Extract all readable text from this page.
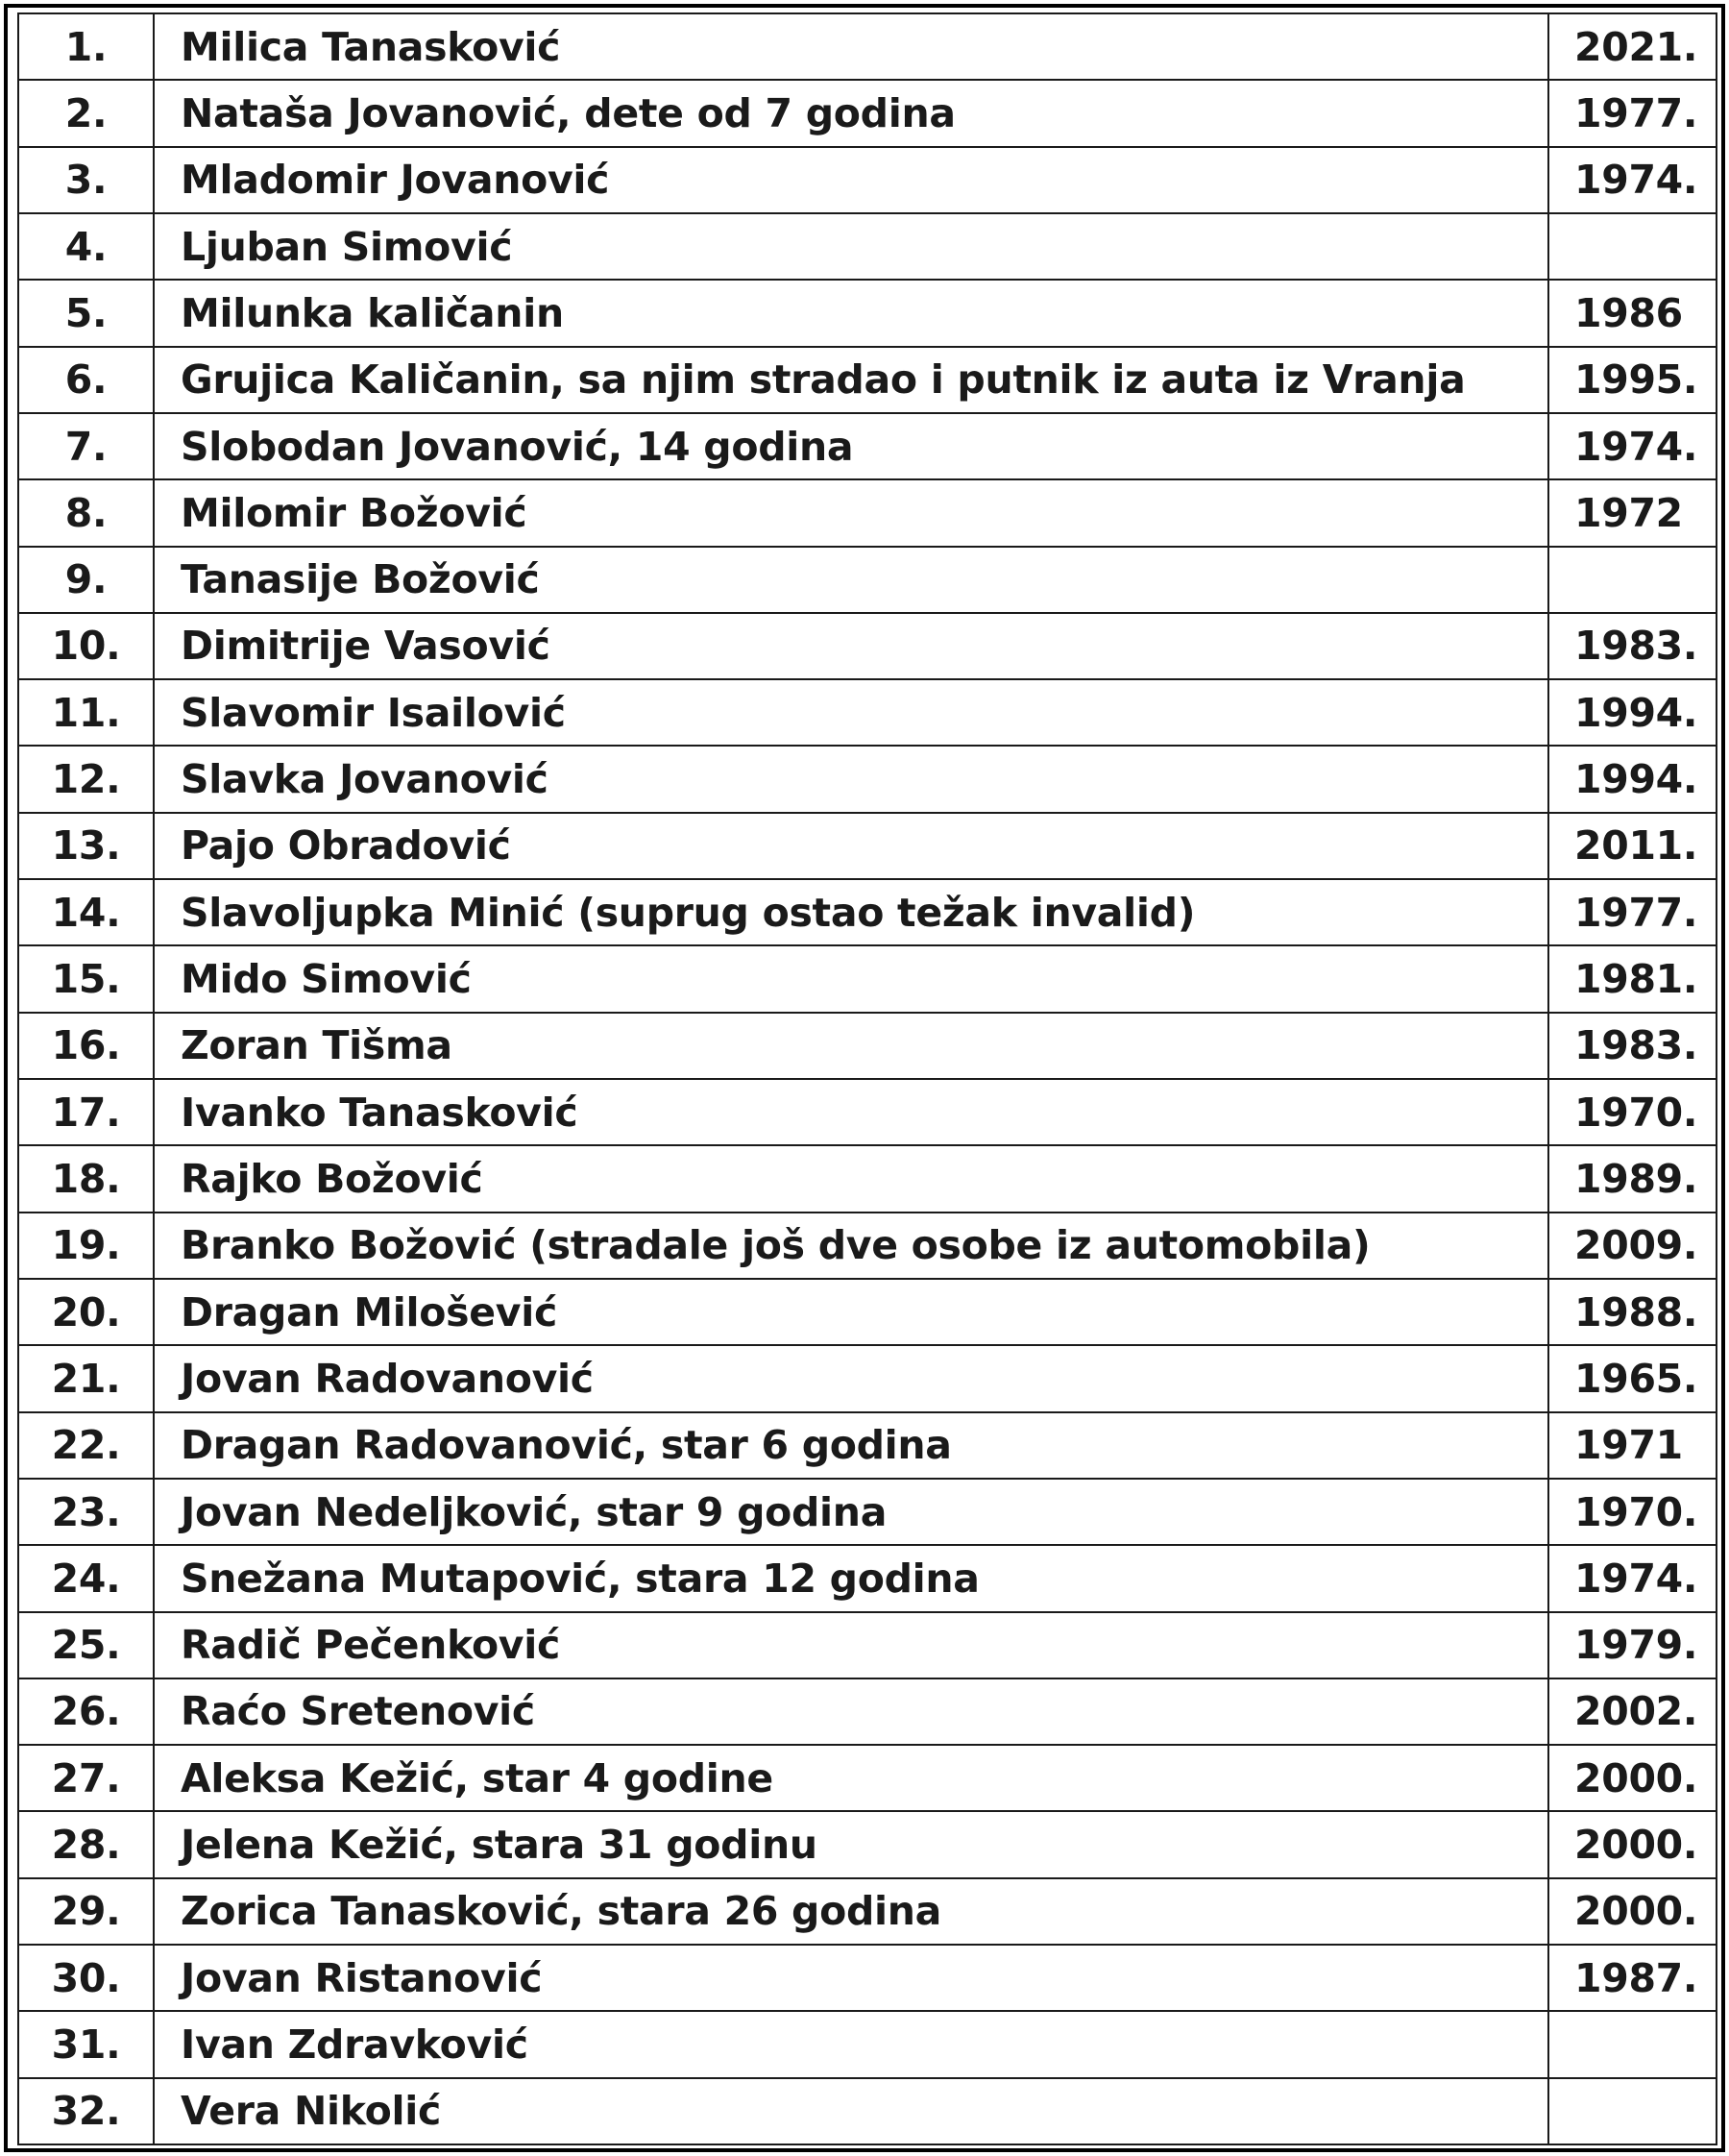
1.	Milica Tanasković	2021.
2.	Nataša Jovanović, dete od 7 godina	1977.
3.	Mladomir Jovanović	1974.
4.	Ljuban Simović	
5.	Milunka kaličanin	1986
6.	Grujica Kaličanin, sa njim stradao i putnik iz auta iz Vranja	1995.
7.	Slobodan Jovanović, 14 godina	1974.
8.	Milomir Božović	1972
9.	Tanasije Božović	
10.	Dimitrije Vasović	1983.
11.	Slavomir Isailović	1994.
12.	Slavka Jovanović	1994.
13.	Pajo Obradović	2011.
14.	Slavoljupka Minić (suprug ostao težak invalid)	1977.
15.	Mido Simović	1981.
16.	Zoran Tišma	1983.
17.	Ivanko Tanasković	1970.
18.	Rajko Božović	1989.
19.	Branko Božović (stradale još dve osobe iz automobila)	2009.
20.	Dragan Milošević	1988.
21.	Jovan Radovanović	1965.
22.	Dragan Radovanović, star 6 godina	1971
23.	Jovan Nedeljković, star 9 godina	1970.
24.	Snežana Mutapović, stara 12 godina	1974.
25.	Radič Pečenković	1979.
26.	Raćo Sretenović	2002.
27.	Aleksa Kežić, star 4 godine	2000.
28.	Jelena Kežić, stara 31 godinu	2000.
29.	Zorica Tanasković, stara 26 godina	2000.
30.	Jovan Ristanović	1987.
31.	Ivan Zdravković	
32.	Vera Nikolić	
